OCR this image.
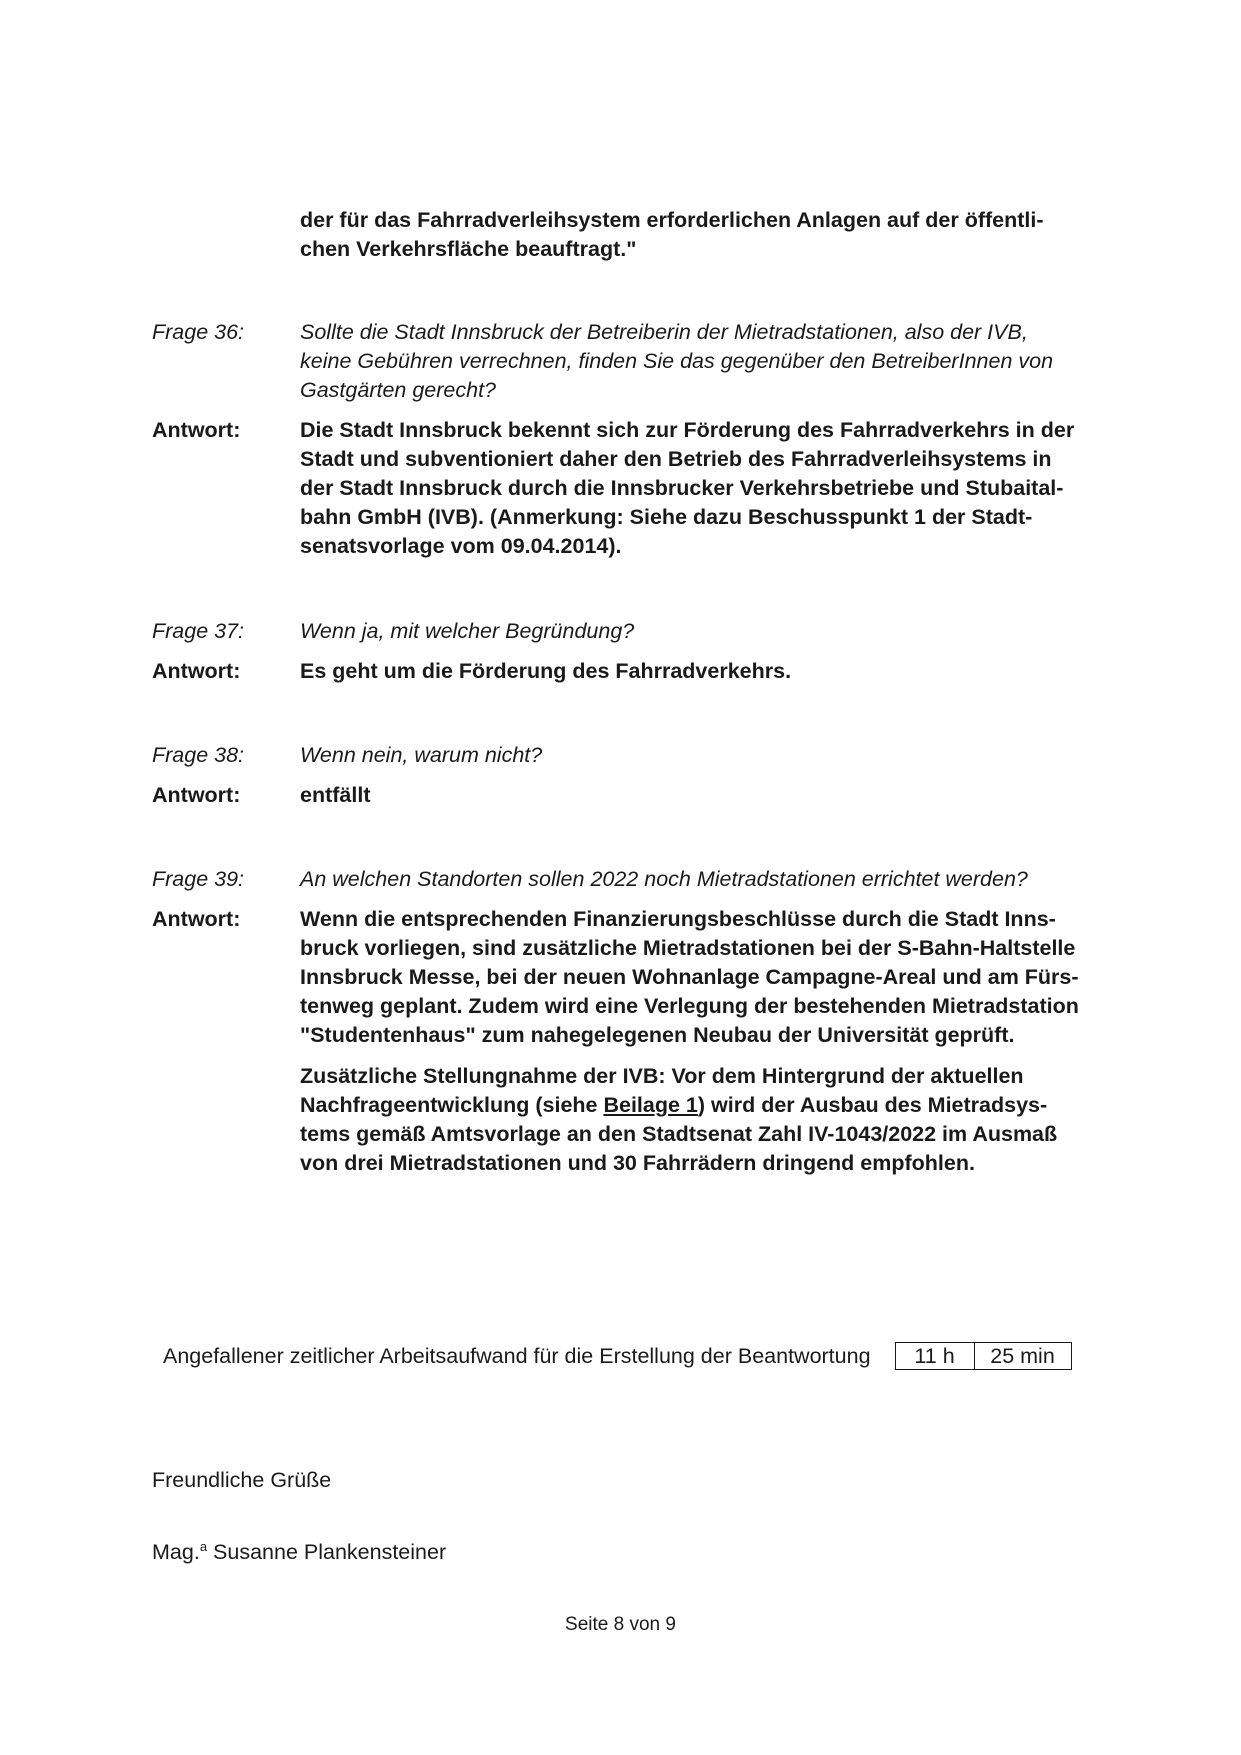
der für das Fahrradverleihsystem erforderlichen Anlagen auf der öffentli-
chen Verkehrsfläche beauftragt."
Frage 36:	Sollte die Stadt Innsbruck der Betreiberin der Mietradstationen, also der IVB,
keine Gebühren verrechnen, finden Sie das gegenüber den BetreiberInnen von
Gastgärten gerecht?
Antwort:	Die Stadt Innsbruck bekennt sich zur Förderung des Fahrradverkehrs in der
Stadt und subventioniert daher den Betrieb des Fahrradverleihsystems in
der Stadt Innsbruck durch die Innsbrucker Verkehrsbetriebe und Stubaital-
bahn GmbH (IVB). (Anmerkung: Siehe dazu Beschusspunkt 1 der Stadt-
senatsvorlage vom 09.04.2014).
Frage 37:	Wenn ja, mit welcher Begründung?
Antwort:	Es geht um die Förderung des Fahrradverkehrs.
Frage 38:	Wenn nein, warum nicht?
Antwort:	entfällt
Frage 39:	An welchen Standorten sollen 2022 noch Mietradstationen errichtet werden?
Antwort:	Wenn die entsprechenden Finanzierungsbeschlüsse durch die Stadt Inns-
bruck vorliegen, sind zusätzliche Mietradstationen bei der S-Bahn-Haltstelle
Innsbruck Messe, bei der neuen Wohnanlage Campagne-Areal und am Fürs-
tenweg geplant. Zudem wird eine Verlegung der bestehenden Mietradstation
"Studentenhaus" zum nahegelegenen Neubau der Universität geprüft.
Zusätzliche Stellungnahme der IVB: Vor dem Hintergrund der aktuellen
Nachfrageentwicklung (siehe Beilage 1) wird der Ausbau des Mietradsys-
tems gemäß Amtsvorlage an den Stadtsenat Zahl IV-1043/2022 im Ausmaß
von drei Mietradstationen und 30 Fahrrädern dringend empfohlen.
Angefallener zeitlicher Arbeitsaufwand für die Erstellung der Beantwortung	11 h	25 min
Freundliche Grüße
Mag.$^a$ Susanne Plankensteiner
Seite 8 von 9
